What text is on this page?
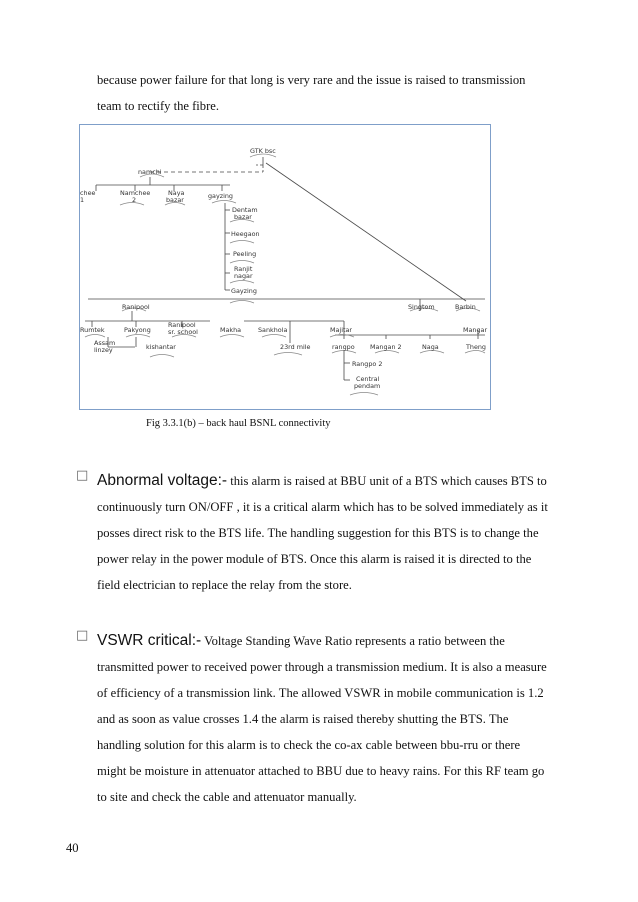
because power failure for that long is very rare and the issue is raised to transmission
team to rectify the fibre.

GTK bsc
namchi
chee
1
Namchee
2
Naya
bazar	gayzing
Dentam
bazar
Heegaon
Peeling
Ranjit
nagar
Gayzing
Ranipool	Singtom	Barbin
Rumtek	Pakyong
Ranipool
sr. school	Makha	Sankhola	Majitar	Mangar
Assam
linzey	kishantar	23rd mile	rangpo Mangan 2	Naga	Theng
Rangpo 2
Central
pendam
Fig 3.3.1(b) – back haul BSNL connectivity
□ Abnormal voltage:- this alarm is raised at BBU unit of a BTS which causes BTS to
continuously turn ON/OFF , it is a critical alarm which has to be solved immediately as it
posses direct risk to the BTS life. The handling suggestion for this BTS is to change the
power relay in the power module of BTS. Once this alarm is raised it is directed to the
field electrician to replace the relay from the store.

□ VSWR critical:- Voltage Standing Wave Ratio represents a ratio between the
transmitted power to received power through a transmission medium. It is also a measure
of efficiency of a transmission link. The allowed VSWR in mobile communication is 1.2
and as soon as value crosses 1.4 the alarm is raised thereby shutting the BTS. The
handling solution for this alarm is to check the co-ax cable between bbu-rru or there
might be moisture in attenuator attached to BBU due to heavy rains. For this RF team go
to site and check the cable and attenuator manually.

40
